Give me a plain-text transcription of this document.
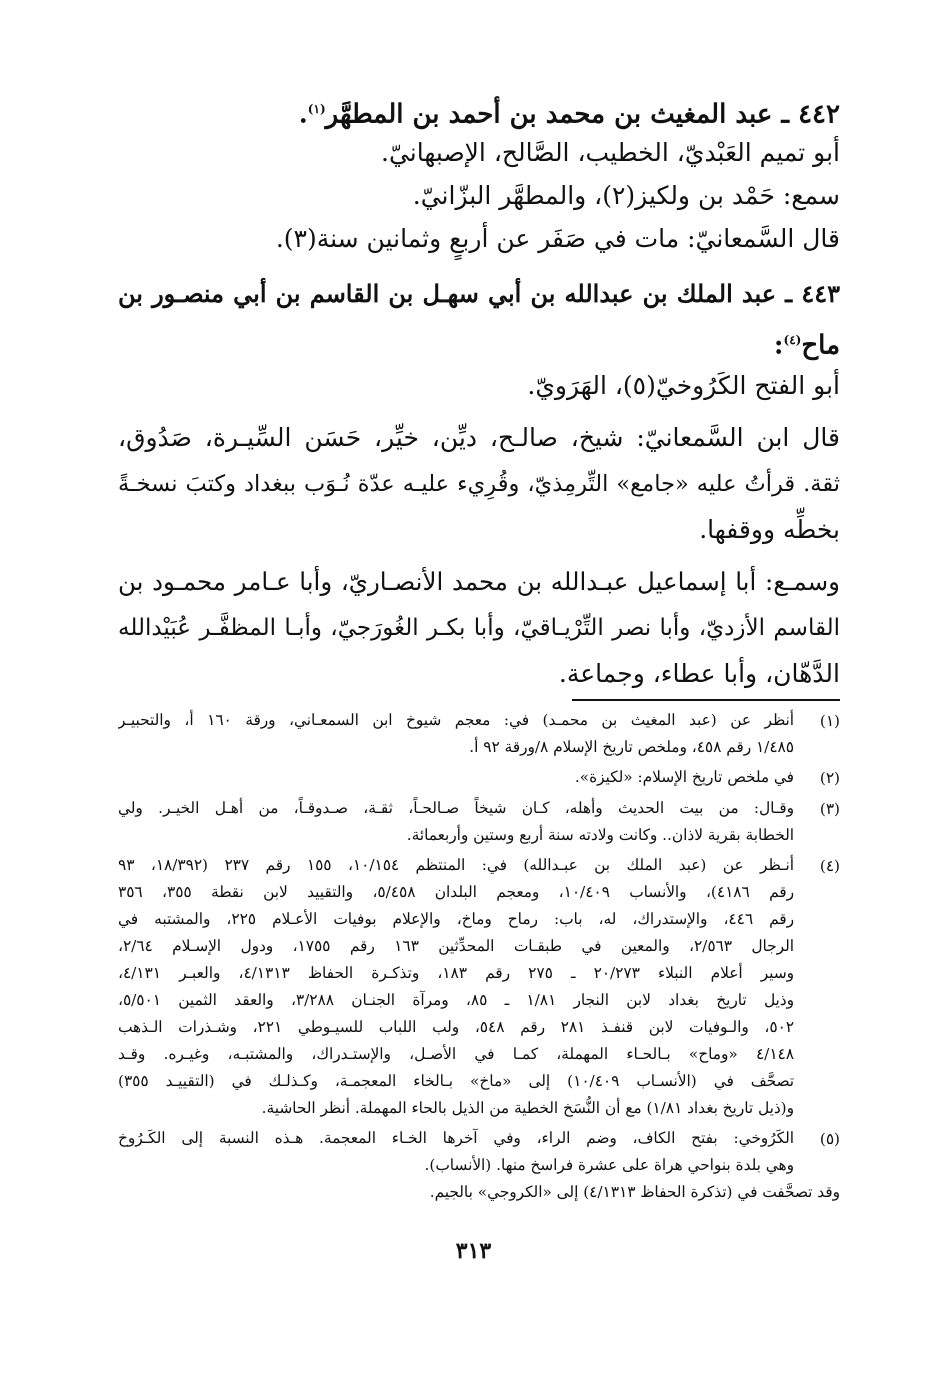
٤٤٢ ـ عبد المغيث بن محمد بن أحمد بن المطهَّر$^{(١)}$.
أبو تميم العَبْديّ، الخطيب، الصَّالح، الإصبهانيّ.
سمع: حَمْد بن ولكيز(٢)، والمطهَّر البزّانيّ.
قال السَّمعانيّ: مات في صَفَر عن أربعٍ وثمانين سنة(٣).
٤٤٣ ـ عبد الملك بن عبدالله بن أبي سهـل بن القاسم بن أبي منصـور بن
ماح$^{(٤)}$:
أبو الفتح الكَرُوخيّ(٥)، الهَرَويّ.
قال ابن السَّمعانيّ: شيخ، صالـح، ديِّن، خيِّر، حَسَن السِّيـرة، صَدُوق،
ثقة. قرأتُ عليه «جامع» التِّرمِذيّ، وقُرِيء عليـه عدّة نُـوَب ببغداد وكتبَ نسخـةً
بخطِّه ووقفها.
وسمـع: أبا إسماعيل عبـدالله بن محمد الأنصـاريّ، وأبا عـامر محمـود بن
القاسم الأزديّ، وأبا نصر التِّرْيـاقيّ، وأبا بكـر الغُورَجيّ، وأبـا المظفَّـر عُبَيْدالله
الدَّهّان، وأبا عطاء، وجماعة.
(١)
أنظر عن (عبد المغيث بن محمـد) في: معجم شيوخ ابن السمعـاني، ورقة ١٦٠ أ، والتحبيـر
١/٤٨٥ رقم ٤٥٨، وملخص تاريخ الإسلام ٨/ورقة ٩٢ أ.
(٢)
في ملخص تاريخ الإسلام: «لكيزة».
(٣)
وقـال: من بيت الحديث وأهله، كـان شيخاً صـالحـاً، ثقـة، صـدوقـاً، من أهـل الخيـر. ولي
الخطابة بقرية لاذان.. وكانت ولادته سنة أربع وستين وأربعمائة.
(٤)
أنـظر عن (عبد الملك بن عبـدالله) في: المنتظم ١٠/١٥٤، ١٥٥ رقم ٢٣٧ (١٨/٣٩٢، ٩٣
رقم ٤١٨٦)، والأنساب ١٠/٤٠٩، ومعجم البلدان ٥/٤٥٨، والتقييد لابن نقطة ٣٥٥، ٣٥٦
رقم ٤٤٦، والإستدراك، له، باب: رماح وماخ، والإعلام بوفيات الأعـلام ٢٢٥، والمشتبه في
الرجال ٢/٥٦٣، والمعين في طبقـات المحدِّثين ١٦٣ رقم ١٧٥٥، ودول الإسـلام ٢/٦٤،
وسير أعلام النبلاء ٢٠/٢٧٣ ـ ٢٧٥ رقم ١٨٣، وتذكـرة الحفاظ ٤/١٣١٣، والعبـر ٤/١٣١،
وذيل تاريخ بغداد لابن النجار ١/٨١ ـ ٨٥، ومرآة الجنـان ٣/٢٨٨، والعقد الثمين ٥/٥٠١،
٥٠٢، والـوفيات لابن قنفـذ ٢٨١ رقم ٥٤٨، ولب اللباب للسيـوطي ٢٢١، وشـذرات الـذهب
٤/١٤٨ «وماح» بـالحـاء المهملة، كمـا في الأصـل، والإستـدراك، والمشتبـه، وغيـره. وقـد
تصحَّف في (الأنسـاب ١٠/٤٠٩) إلى «ماخ» بـالخاء المعجمـة، وكـذلـك في (التقييـد ٣٥٥)
و(ذيل تاريخ بغداد ١/٨١) مع أن النُّسَخ الخطية من الذيل بالحاء المهملة. أنظر الحاشية.
(٥)
الكَرُوخي: بفتح الكاف، وضم الراء، وفي آخرها الخـاء المعجمة. هـذه النسبة إلى الكَـرُوخ
وهي بلدة بنواحي هراة على عشرة فراسخ منها. (الأنساب).
وقد تصحَّفت في (تذكرة الحفاظ ٤/١٣١٣) إلى «الكروجي» بالجيم.
٣١٣
